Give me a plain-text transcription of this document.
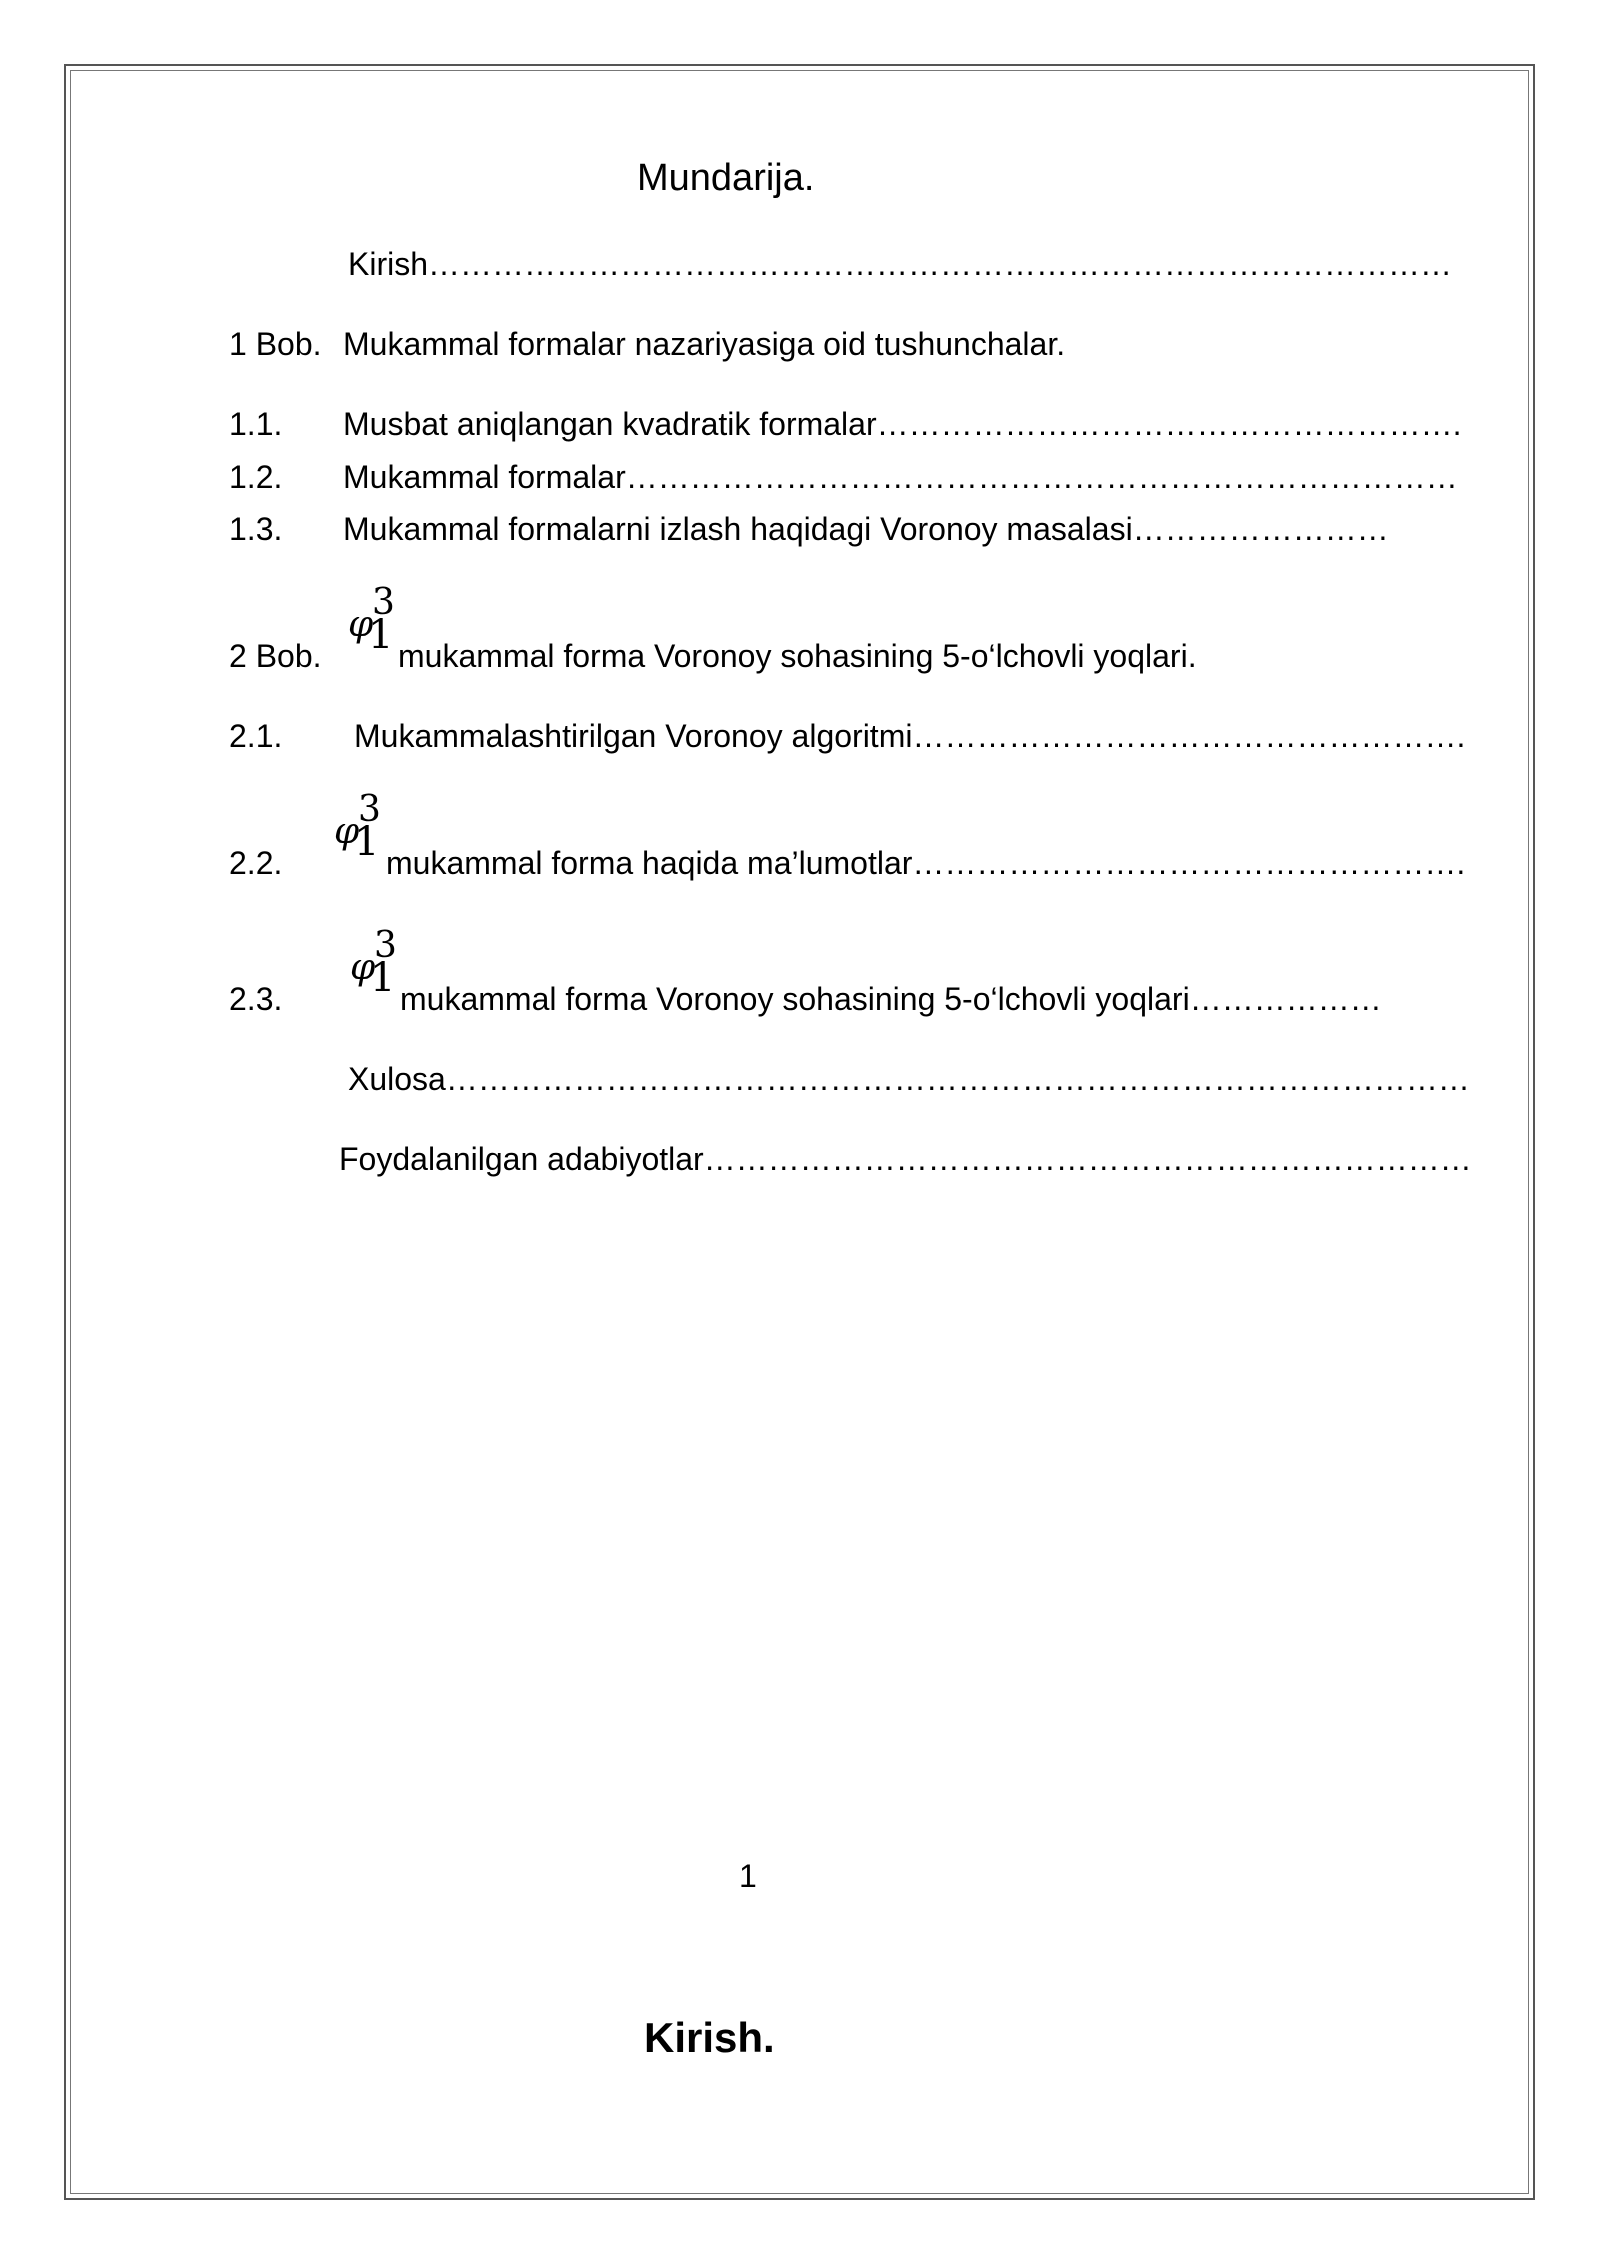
Mundarija.
Kirish……………………………………………………………………………………
1 Bob. Mukammal formalar nazariyasiga oid tushunchalar.
1.1. Musbat aniqlangan kvadratik formalar……………………………………………….
1.2. Mukammal formalar……………………………………………………………………
1.3. Mukammal formalarni izlash haqidagi Voronoy masalasi……………………
2 Bob.
φ
3
1 mukammal forma Voronoy sohasining 5-o‘lchovli yoqlari.
2.1. Mukammalashtirilgan Voronoy algoritmi…………………………………………….
2.2.
φ
3
1 mukammal forma haqida ma’lumotlar…………………………………………….
2.3.
φ
3
1 mukammal forma Voronoy sohasining 5-o‘lchovli yoqlari………………
Xulosa……………………………………………………………………………………
Foydalanilgan adabiyotlar………………………………………………………………
1
Kirish.
